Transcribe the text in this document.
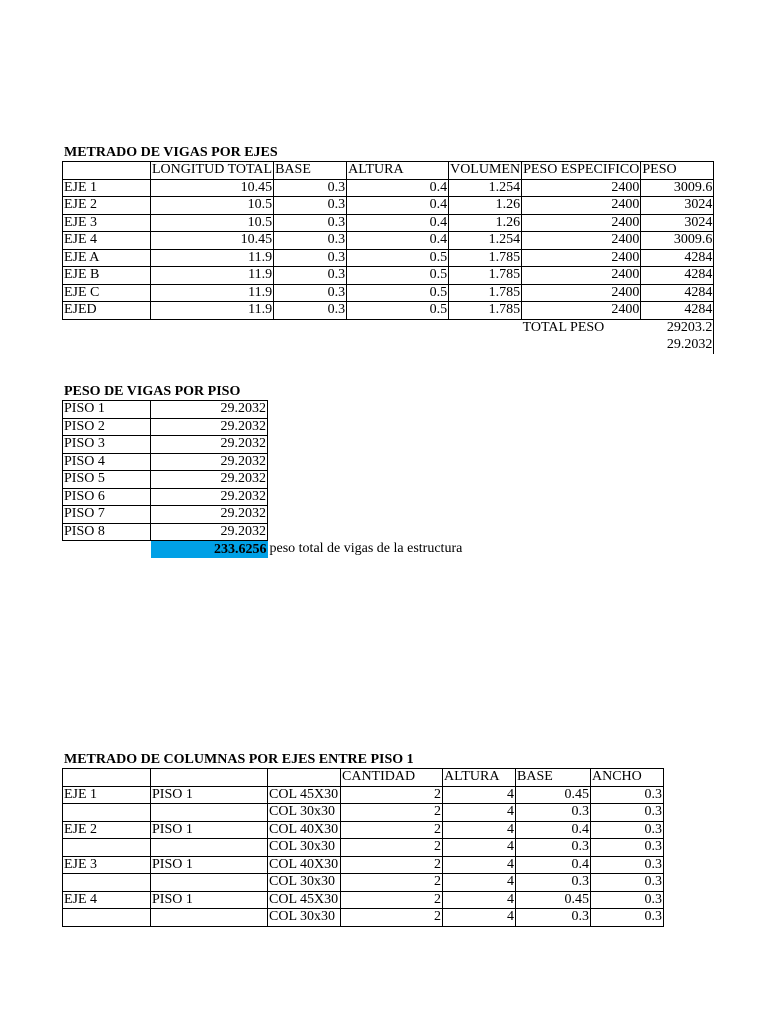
METRADO DE VIGAS POR EJES
	LONGITUD TOTAL	BASE	ALTURA	VOLUMEN	PESO ESPECIFICO	PESO
EJE 1	10.45	0.3	0.4	1.254	2400	3009.6
EJE 2	10.5	0.3	0.4	1.26	2400	3024
EJE 3	10.5	0.3	0.4	1.26	2400	3024
EJE 4	10.45	0.3	0.4	1.254	2400	3009.6
EJE A	11.9	0.3	0.5	1.785	2400	4284
EJE B	11.9	0.3	0.5	1.785	2400	4284
EJE C	11.9	0.3	0.5	1.785	2400	4284
EJED	11.9	0.3	0.5	1.785	2400	4284
					TOTAL PESO	29203.2
						29.2032
PESO DE VIGAS POR PISO
PISO 1	29.2032
PISO 2	29.2032
PISO 3	29.2032
PISO 4	29.2032
PISO 5	29.2032
PISO 6	29.2032
PISO 7	29.2032
PISO 8	29.2032
	233.6256 peso total de vigas de la estructura
METRADO DE COLUMNAS POR EJES ENTRE PISO 1
			CANTIDAD	ALTURA	BASE	ANCHO
EJE 1	PISO 1	COL 45X30	2	4	0.45	0.3
		COL 30x30	2	4	0.3	0.3
EJE 2	PISO 1	COL 40X30	2	4	0.4	0.3
		COL 30x30	2	4	0.3	0.3
EJE 3	PISO 1	COL 40X30	2	4	0.4	0.3
		COL 30x30	2	4	0.3	0.3
EJE 4	PISO 1	COL 45X30	2	4	0.45	0.3
		COL 30x30	2	4	0.3	0.3
